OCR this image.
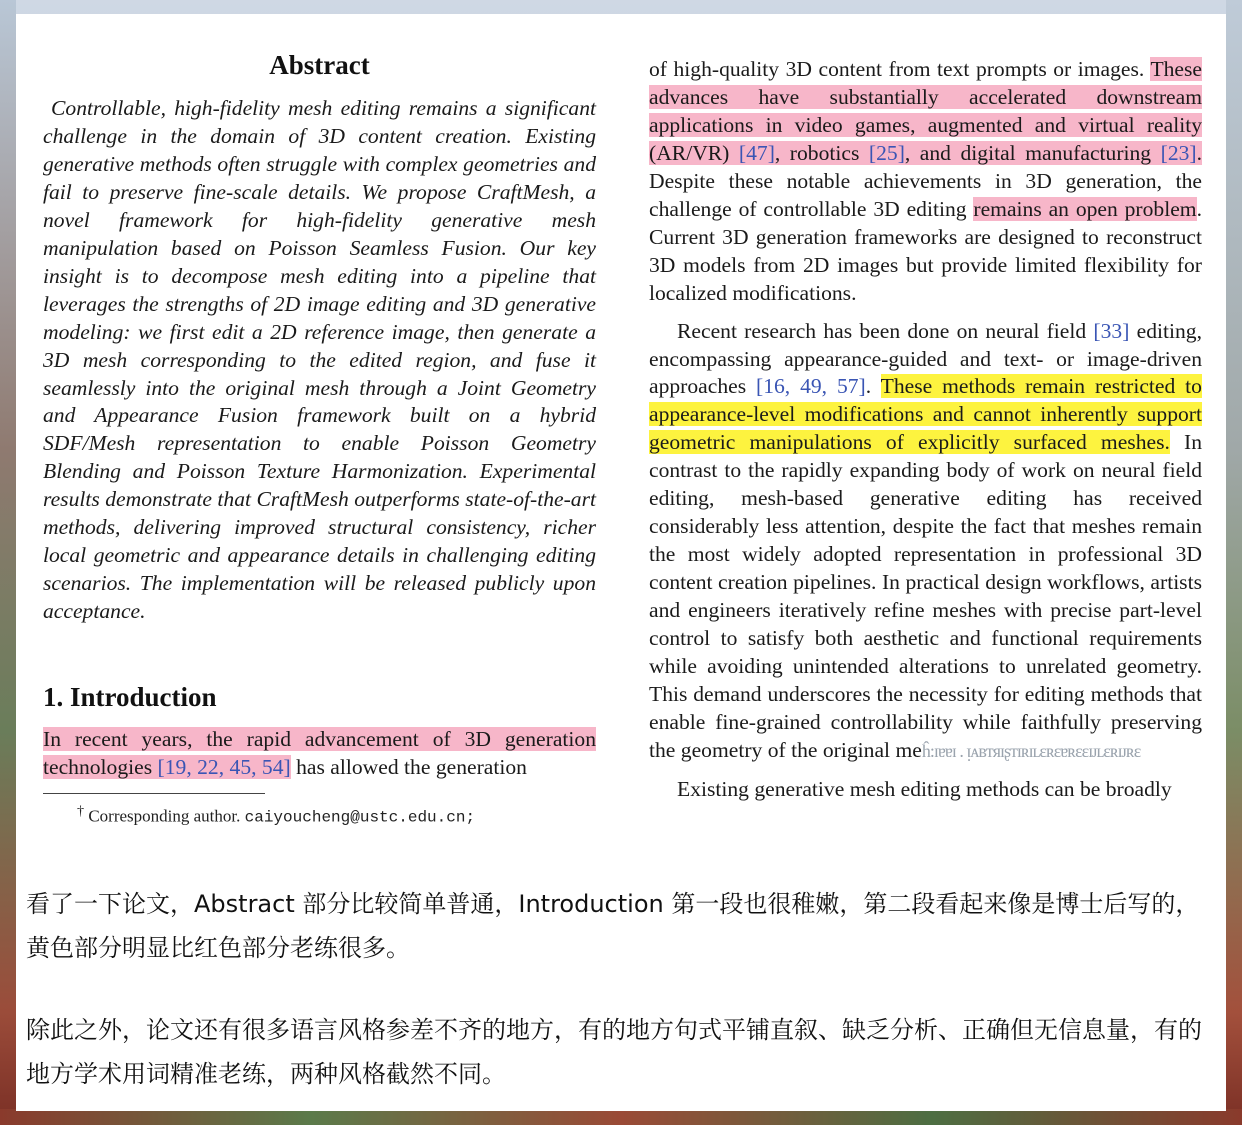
Abstract

Controllable, high-fidelity mesh editing remains a significant challenge in the domain of 3D content creation. Existing generative methods often struggle with complex geometries and fail to preserve fine-scale details. We propose CraftMesh, a novel framework for high-fidelity generative mesh manipulation based on Poisson Seamless Fusion. Our key insight is to decompose mesh editing into a pipeline that leverages the strengths of 2D image editing and 3D generative modeling: we first edit a 2D reference image, then generate a 3D mesh corresponding to the edited region, and fuse it seamlessly into the original mesh through a Joint Geometry and Appearance Fusion framework built on a hybrid SDF/Mesh representation to enable Poisson Geometry Blending and Poisson Texture Harmonization. Experimental results demonstrate that CraftMesh outperforms state-of-the-art methods, delivering improved structural consistency, richer local geometric and appearance details in challenging editing scenarios. The implementation will be released publicly upon acceptance.

1. Introduction

In recent years, the rapid advancement of 3D generation technologies [19, 22, 45, 54] has allowed the generation

† Corresponding author. caiyoucheng@ustc.edu.cn;

of high-quality 3D content from text prompts or images. These advances have substantially accelerated downstream applications in video games, augmented and virtual reality (AR/VR) [47], robotics [25], and digital manufacturing [23]. Despite these notable achievements in 3D generation, the challenge of controllable 3D editing remains an open problem. Current 3D generation frameworks are designed to reconstruct 3D models from 2D images but provide limited flexibility for localized modifications.

Recent research has been done on neural field [33] editing, encompassing appearance-guided and text- or image-driven approaches [16, 49, 57]. These methods remain restricted to appearance-level modifications and cannot inherently support geometric manipulations of explicitly surfaced meshes. In contrast to the rapidly expanding body of work on neural field editing, mesh-based generative editing has received considerably less attention, despite the fact that meshes remain the most widely adopted representation in professional 3D content creation pipelines. In practical design workflows, artists and engineers iteratively refine meshes with precise part-level control to satisfy both aesthetic and functional requirements while avoiding unintended alterations to unrelated geometry. This demand underscores the necessity for editing methods that enable fine-grained controllability while faithfully preserving the geometry of the original meĥ:ɪɐɐɪ . ᴉᴀʙᴛᴙɪʂᴛɪʀɪʟɛʀɛɐʀɛɛɪᴊʟɛʀɪᴊʀɛ

Existing generative mesh editing methods can be broadly

看了一下论文，Abstract 部分比较简单普通，Introduction 第一段也很稚嫩，第二段看起来像是博士后写的，黄色部分明显比红色部分老练很多。

除此之外，论文还有很多语言风格参差不齐的地方，有的地方句式平铺直叙、缺乏分析、正确但无信息量，有的地方学术用词精准老练，两种风格截然不同。
